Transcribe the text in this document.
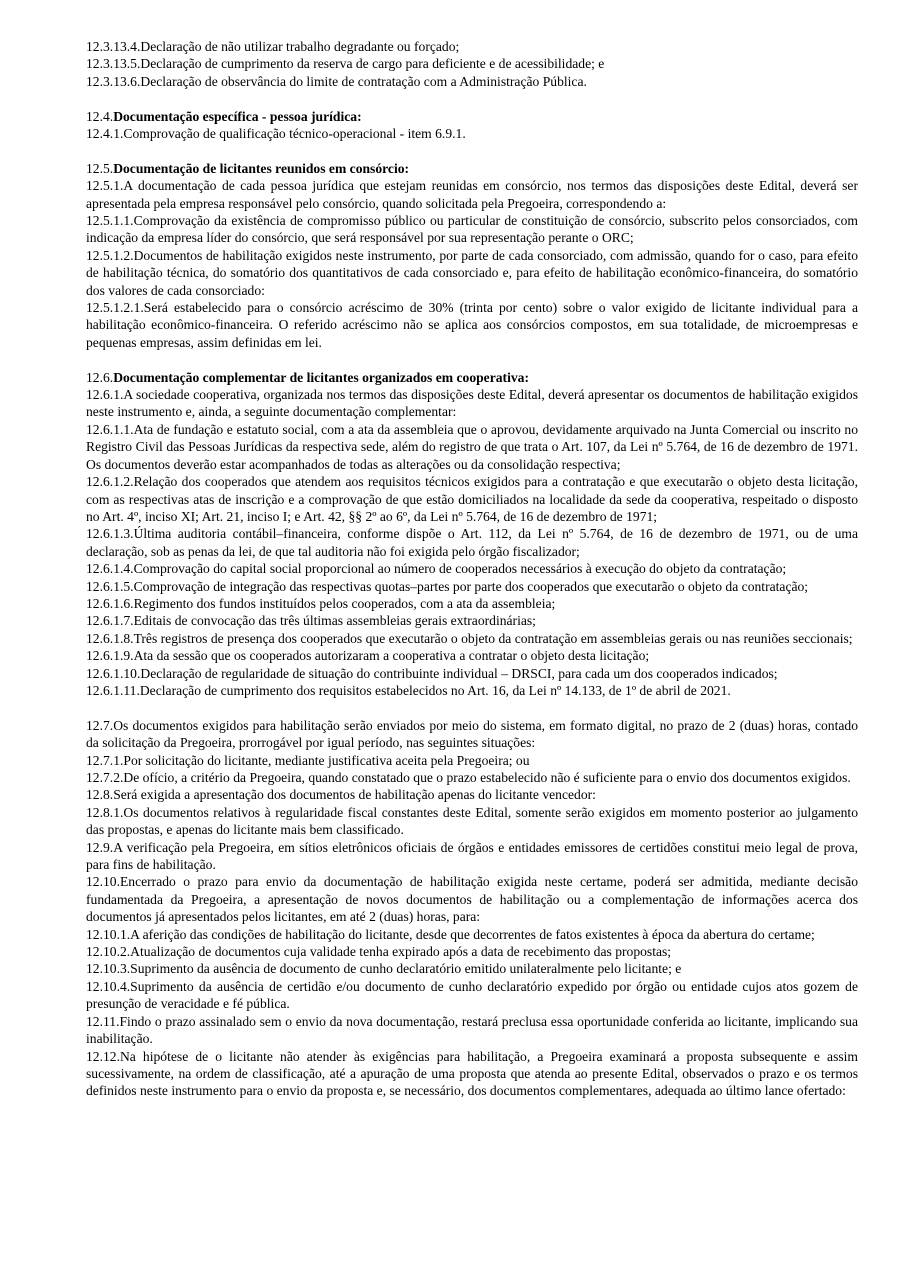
12.3.13.4.Declaração de não utilizar trabalho degradante ou forçado;

12.3.13.5.Declaração de cumprimento da reserva de cargo para deficiente e de acessibilidade; e

12.3.13.6.Declaração de observância do limite de contratação com a Administração Pública.

12.4.Documentação específica - pessoa jurídica:

12.4.1.Comprovação de qualificação técnico-operacional - item 6.9.1.

12.5.Documentação de licitantes reunidos em consórcio:

12.5.1.A documentação de cada pessoa jurídica que estejam reunidas em consórcio, nos termos das disposições deste Edital, deverá ser apresentada pela empresa responsável pelo consórcio, quando solicitada pela Pregoeira, correspondendo a:

12.5.1.1.Comprovação da existência de compromisso público ou particular de constituição de consórcio, subscrito pelos consorciados, com indicação da empresa líder do consórcio, que será responsável por sua representação perante o ORC;

12.5.1.2.Documentos de habilitação exigidos neste instrumento, por parte de cada consorciado, com admissão, quando for o caso, para efeito de habilitação técnica, do somatório dos quantitativos de cada consorciado e, para efeito de habilitação econômico-financeira, do somatório dos valores de cada consorciado:

12.5.1.2.1.Será estabelecido para o consórcio acréscimo de 30% (trinta por cento) sobre o valor exigido de licitante individual para a habilitação econômico-financeira. O referido acréscimo não se aplica aos consórcios compostos, em sua totalidade, de microempresas e pequenas empresas, assim definidas em lei.

12.6.Documentação complementar de licitantes organizados em cooperativa:

12.6.1.A sociedade cooperativa, organizada nos termos das disposições deste Edital, deverá apresentar os documentos de habilitação exigidos neste instrumento e, ainda, a seguinte documentação complementar:

12.6.1.1.Ata de fundação e estatuto social, com a ata da assembleia que o aprovou, devidamente arquivado na Junta Comercial ou inscrito no Registro Civil das Pessoas Jurídicas da respectiva sede, além do registro de que trata o Art. 107, da Lei nº 5.764, de 16 de dezembro de 1971. Os documentos deverão estar acompanhados de todas as alterações ou da consolidação respectiva;

12.6.1.2.Relação dos cooperados que atendem aos requisitos técnicos exigidos para a contratação e que executarão o objeto desta licitação, com as respectivas atas de inscrição e a comprovação de que estão domiciliados na localidade da sede da cooperativa, respeitado o disposto no Art. 4º, inciso XI; Art. 21, inciso I; e Art. 42, §§ 2º ao 6º, da Lei nº 5.764, de 16 de dezembro de 1971;

12.6.1.3.Última auditoria contábil–financeira, conforme dispõe o Art. 112, da Lei nº 5.764, de 16 de dezembro de 1971, ou de uma declaração, sob as penas da lei, de que tal auditoria não foi exigida pelo órgão fiscalizador;

12.6.1.4.Comprovação do capital social proporcional ao número de cooperados necessários à execução do objeto da contratação;

12.6.1.5.Comprovação de integração das respectivas quotas–partes por parte dos cooperados que executarão o objeto da contratação;

12.6.1.6.Regimento dos fundos instituídos pelos cooperados, com a ata da assembleia;

12.6.1.7.Editais de convocação das três últimas assembleias gerais extraordinárias;

12.6.1.8.Três registros de presença dos cooperados que executarão o objeto da contratação em assembleias gerais ou nas reuniões seccionais;

12.6.1.9.Ata da sessão que os cooperados autorizaram a cooperativa a contratar o objeto desta licitação;

12.6.1.10.Declaração de regularidade de situação do contribuinte individual – DRSCI, para cada um dos cooperados indicados;

12.6.1.11.Declaração de cumprimento dos requisitos estabelecidos no Art. 16, da Lei nº 14.133, de 1º de abril de 2021.

12.7.Os documentos exigidos para habilitação serão enviados por meio do sistema, em formato digital, no prazo de 2 (duas) horas, contado da solicitação da Pregoeira, prorrogável por igual período, nas seguintes situações:

12.7.1.Por solicitação do licitante, mediante justificativa aceita pela Pregoeira; ou

12.7.2.De ofício, a critério da Pregoeira, quando constatado que o prazo estabelecido não é suficiente para o envio dos documentos exigidos.

12.8.Será exigida a apresentação dos documentos de habilitação apenas do licitante vencedor:

12.8.1.Os documentos relativos à regularidade fiscal constantes deste Edital, somente serão exigidos em momento posterior ao julgamento das propostas, e apenas do licitante mais bem classificado.

12.9.A verificação pela Pregoeira, em sítios eletrônicos oficiais de órgãos e entidades emissores de certidões constitui meio legal de prova, para fins de habilitação.

12.10.Encerrado o prazo para envio da documentação de habilitação exigida neste certame, poderá ser admitida, mediante decisão fundamentada da Pregoeira, a apresentação de novos documentos de habilitação ou a complementação de informações acerca dos documentos já apresentados pelos licitantes, em até 2 (duas) horas, para:

12.10.1.A aferição das condições de habilitação do licitante, desde que decorrentes de fatos existentes à época da abertura do certame;

12.10.2.Atualização de documentos cuja validade tenha expirado após a data de recebimento das propostas;

12.10.3.Suprimento da ausência de documento de cunho declaratório emitido unilateralmente pelo licitante; e

12.10.4.Suprimento da ausência de certidão e/ou documento de cunho declaratório expedido por órgão ou entidade cujos atos gozem de presunção de veracidade e fé pública.

12.11.Findo o prazo assinalado sem o envio da nova documentação, restará preclusa essa oportunidade conferida ao licitante, implicando sua inabilitação.

12.12.Na hipótese de o licitante não atender às exigências para habilitação, a Pregoeira examinará a proposta subsequente e assim sucessivamente, na ordem de classificação, até a apuração de uma proposta que atenda ao presente Edital, observados o prazo e os termos definidos neste instrumento para o envio da proposta e, se necessário, dos documentos complementares, adequada ao último lance ofertado:
